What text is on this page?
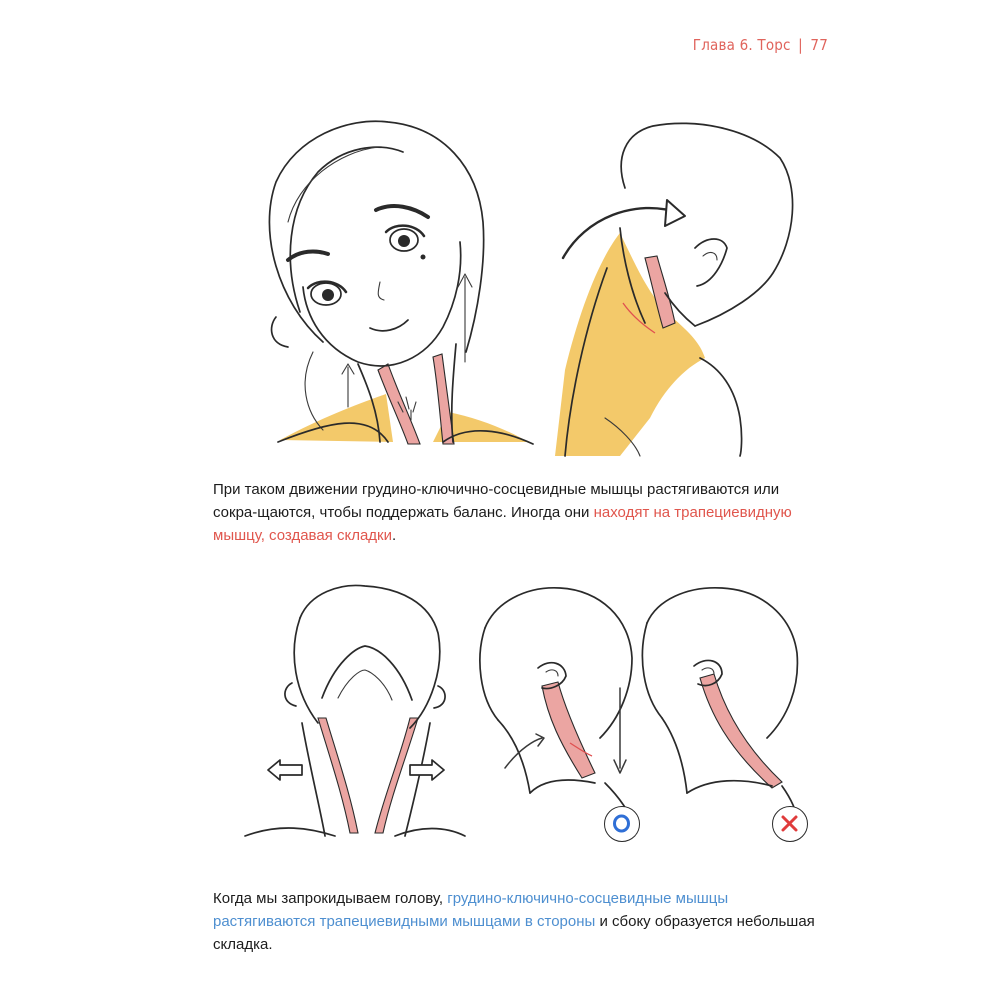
Глава 6. Торс | 77
При таком движении грудино-ключично-сосцевидные мышцы растягиваются или сокра-щаются, чтобы поддержать баланс. Иногда они находят на трапециевидную мышцу, создавая складки.
Когда мы запрокидываем голову, грудино-ключично-сосцевидные мышцы растягиваются трапециевидными мышцами в стороны и сбоку образуется небольшая складка.
